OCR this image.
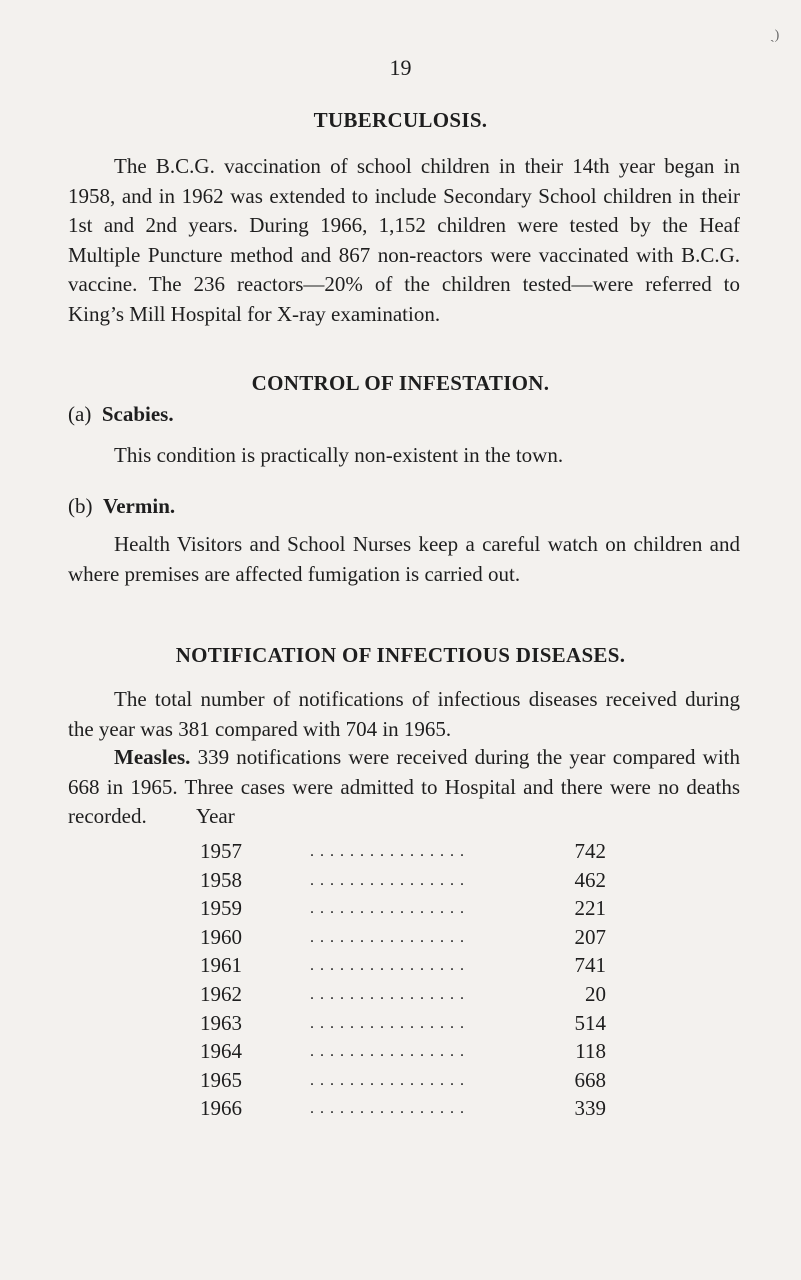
ˎ)
19
TUBERCULOSIS.

The B.C.G. vaccination of school children in their 14th year began in 1958, and in 1962 was extended to include Secondary School children in their 1st and 2nd years. During 1966, 1,152 children were tested by the Heaf Multiple Puncture method and 867 non-reactors were vaccinated with B.C.G. vaccine. The 236 reactors—20% of the children tested—were referred to King’s Mill Hospital for X-ray examination.

CONTROL OF INFESTATION.
(a) Scabies.

This condition is practically non-existent in the town.

(b) Vermin.

Health Visitors and School Nurses keep a careful watch on children and where premises are affected fumigation is carried out.

NOTIFICATION OF INFECTIOUS DISEASES.

The total number of notifications of infectious diseases received during the year was 381 compared with 704 in 1965.

Measles. 339 notifications were received during the year compared with 668 in 1965. Three cases were admitted to Hospital and there were no deaths recorded.	Year
1957	. . . . . . . . . . . . . . . .	742
1958	. . . . . . . . . . . . . . . .	462
1959	. . . . . . . . . . . . . . . .	221
1960	. . . . . . . . . . . . . . . .	207
1961	. . . . . . . . . . . . . . . .	741
1962	. . . . . . . . . . . . . . . .	20
1963	. . . . . . . . . . . . . . . .	514
1964	. . . . . . . . . . . . . . . .	118
1965	. . . . . . . . . . . . . . . .	668
1966	. . . . . . . . . . . . . . . .	339
